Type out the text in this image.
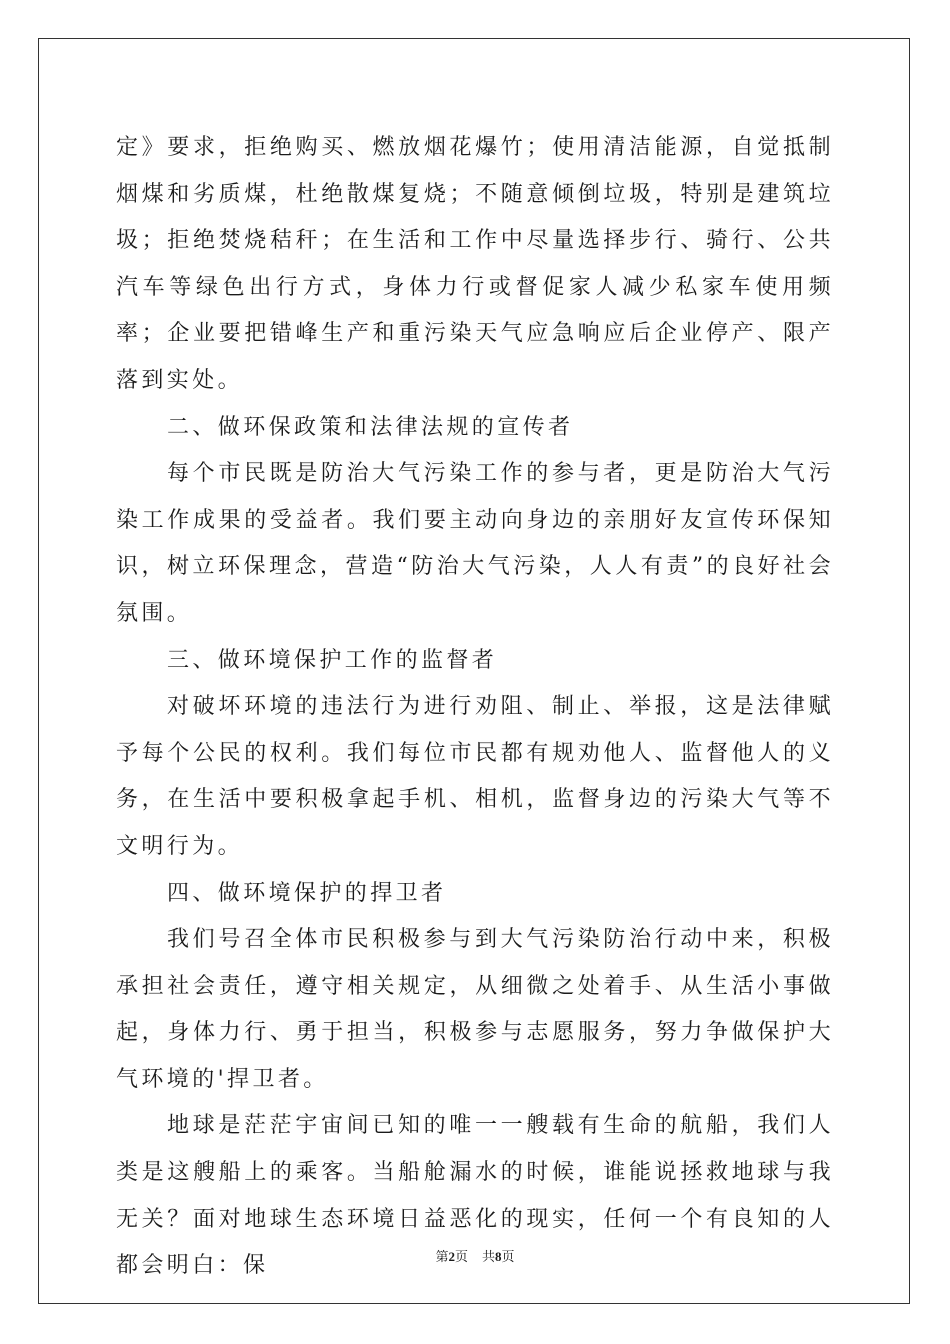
定》要求，拒绝购买、燃放烟花爆竹；使用清洁能源，自觉抵制烟煤和劣质煤，杜绝散煤复烧；不随意倾倒垃圾，特别是建筑垃圾；拒绝焚烧秸秆；在生活和工作中尽量选择步行、骑行、公共汽车等绿色出行方式，身体力行或督促家人减少私家车使用频率；企业要把错峰生产和重污染天气应急响应后企业停产、限产落到实处。

二、做环保政策和法律法规的宣传者

每个市民既是防治大气污染工作的参与者，更是防治大气污染工作成果的受益者。我们要主动向身边的亲朋好友宣传环保知识，树立环保理念，营造“防治大气污染，人人有责”的良好社会氛围。

三、做环境保护工作的监督者

对破坏环境的违法行为进行劝阻、制止、举报，这是法律赋予每个公民的权利。我们每位市民都有规劝他人、监督他人的义务，在生活中要积极拿起手机、相机，监督身边的污染大气等不文明行为。

四、做环境保护的捍卫者

我们号召全体市民积极参与到大气污染防治行动中来，积极承担社会责任，遵守相关规定，从细微之处着手、从生活小事做起，身体力行、勇于担当，积极参与志愿服务，努力争做保护大气环境的'捍卫者。

地球是茫茫宇宙间已知的唯一一艘载有生命的航船，我们人类是这艘船上的乘客。当船舱漏水的时候，谁能说拯救地球与我无关？面对地球生态环境日益恶化的现实，任何一个有良知的人都会明白：保	第2页 共8页
